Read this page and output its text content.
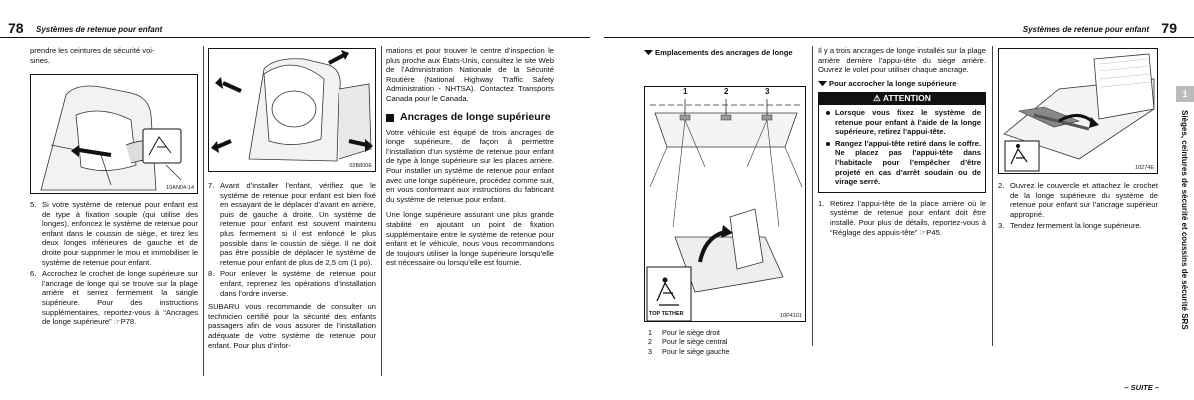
78 Systèmes de retenue pour enfant

prendre les ceintures de sécurité voi-
sines.

10AN04-14
5. Si votre système de retenue pour enfant est de type à fixation souple (qui utilise des longes), enfoncez le système de retenue pour enfant dans le coussin de siège, et tirez les deux longes inférieures de gauche et de droite pour supprimer le mou et immobiliser le système de retenue pour enfant.
6. Accrochez le crochet de longe supérieure sur l’ancrage de longe qui se trouve sur la plage arrière et serrez fermement la sangle supérieure. Pour des instructions supplémentaires, reportez-vous à “Ancrages de longe supérieure” ☞P78.
02B800E
7. Avant d’installer l’enfant, vérifiez que le système de retenue pour enfant est bien fixé en essayant de le déplacer d’avant en arrière, puis de gauche à droite. Un système de retenue pour enfant est souvent maintenu plus fermement si il est enfoncé le plus possible dans le coussin de siège. Il ne doit pas être possible de déplacer le système de retenue pour enfant de plus de 2,5 cm (1 po).
8. Pour enlever le système de retenue pour enfant, reprenez les opérations d’installation dans l’ordre inverse.

SUBARU vous recommande de consulter un technicien certifié pour la sécurité des enfants passagers afin de vous assurer de l’installation adéquate de votre système de retenue pour enfant. Pour plus d’infor-

mations et pour trouver le centre d’inspection le plus proche aux États-Unis, consultez le site Web de l’Administration Nationale de la Sécurité Routière (National Highway Traffic Safety Administration - NHTSA). Contactez Transports Canada pour le Canada.

Ancrages de longe supérieure

Votre véhicule est équipé de trois ancrages de longe supérieure, de façon à permettre l’installation d’un système de retenue pour enfant de type à longe supérieure sur les places arrière. Pour installer un système de retenue pour enfant avec une longe supérieure, procédez comme suit, en vous conformant aux instructions du fabricant du système de retenue pour enfant.

Une longe supérieure assurant une plus grande stabilité en ajoutant un point de fixation supplémentaire entre le système de retenue pour enfant et le véhicule, nous vous recommandons de toujours utiliser la longe supérieure lorsqu’elle est nécessaire ou lorsqu’elle est fournie.

Systèmes de retenue pour enfant 79
Emplacements des ancrages de longe
1	2	3
TOP TETHER	10P4101
1	Pour le siège droit
2	Pour le siège central
3	Pour le siège gauche

Il y a trois ancrages de longe installés sur la plage arrière derrière l’appui-tête du siège arrière. Ouvrez le volet pour utiliser chaque ancrage.

Pour accrocher la longe supérieure
⚠ ATTENTION
Lorsque vous fixez le système de retenue pour enfant à l’aide de la longe supérieure, retirez l’appui-tête.
Rangez l’appui-tête retiré dans le coffre. Ne placez pas l’appui-tête dans l’habitacle pour l’empêcher d’être projeté en cas d’arrêt soudain ou de virage serré.
1. Retirez l’appui-tête de la place arrière où le système de retenue pour enfant doit être installé. Pour plus de détails, reportez-vous à “Réglage des appuis-tête” ☞P45.
10274E
2. Ouvrez le couvercle et attachez le crochet de la longe supérieure du système de retenue pour enfant sur l’ancrage supérieur approprié.
3. Tendez fermement la longe supérieure.
1
Sièges, ceintures de sécurité et coussins de sécurité SRS
– SUITE –
